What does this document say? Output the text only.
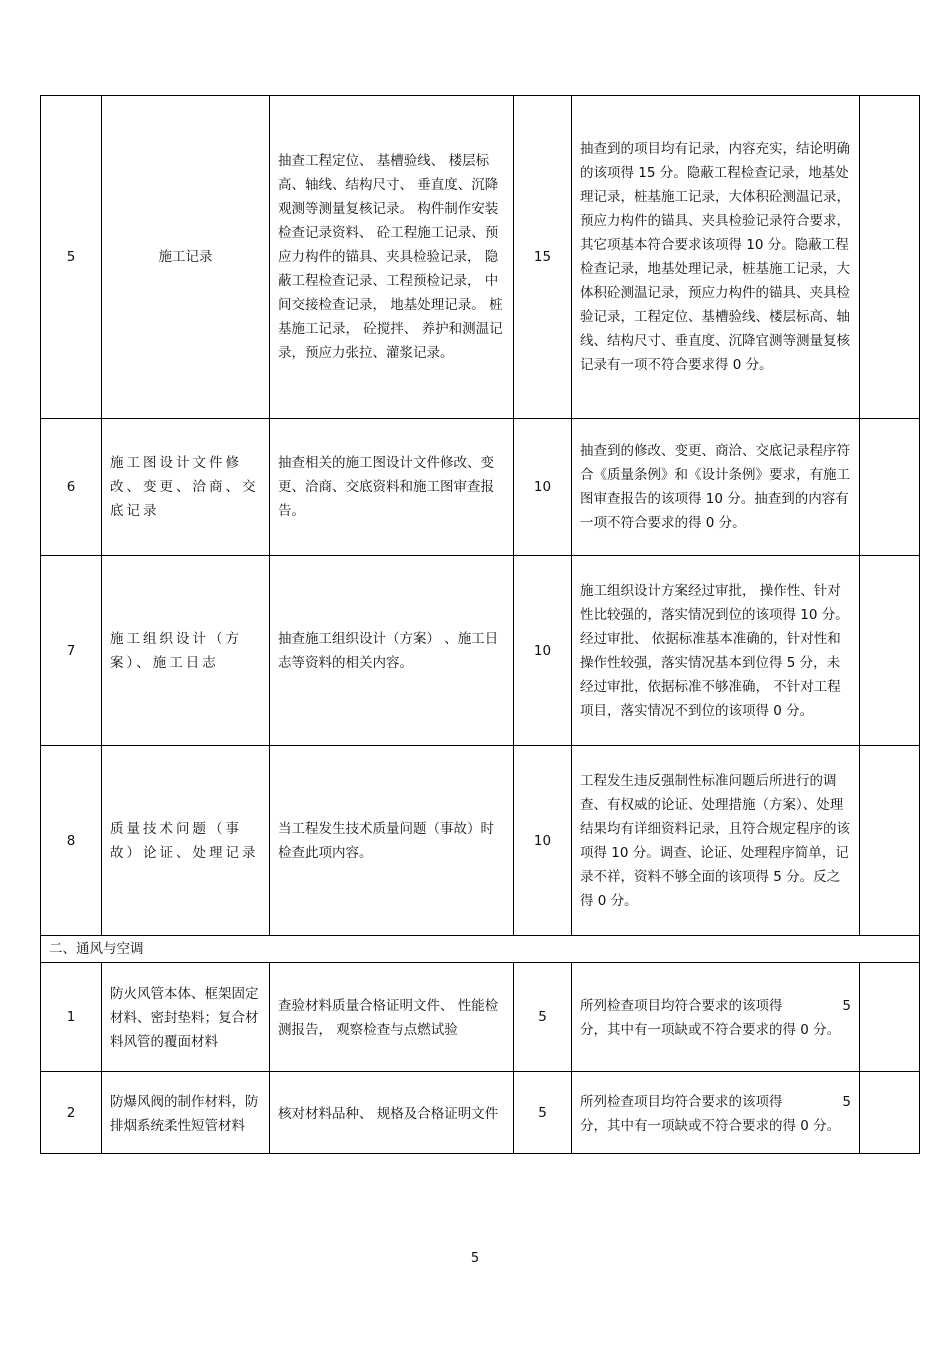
5	施工记录	抽查工程定位、 基槽验线、 楼层标高、轴线、结构尺寸、 垂直度、沉降观测等测量复核记录。 构件制作安装检查记录资料、 砼工程施工记录、预应力构件的锚具、夹具检验记录， 隐蔽工程检查记录、工程预检记录， 中间交接检查记录， 地基处理记录。 桩基施工记录， 砼搅拌、 养护和测温记录，预应力张拉、灌浆记录。	15	抽查到的项目均有记录，内容充实，结论明确的该项得 15 分。隐蔽工程检查记录，地基处理记录，桩基施工记录，大体积砼测温记录，预应力构件的锚具、夹具检验记录符合要求，其它项基本符合要求该项得 10 分。隐蔽工程检查记录，地基处理记录，桩基施工记录，大体积砼测温记录，预应力构件的锚具、夹具检验记录，工程定位、基槽验线、楼层标高、轴线、结构尺寸、垂直度、沉降官测等测量复核记录有一项不符合要求得 0 分。	
6	施工图设计文件修改、变更、洽商、交底记录	抽查相关的施工图设计文件修改、变更、洽商、交底资料和施工图审查报告。	10	抽查到的修改、变更、商洽、交底记录程序符合《质量条例》和《设计条例》要求，有施工图审查报告的该项得 10 分。抽查到的内容有一项不符合要求的得 0 分。	
7	施工组织设计（方案）、施工日志	抽查施工组织设计（方案） 、施工日志等资料的相关内容。	10	施工组织设计方案经过审批， 操作性、针对性比较强的，落实情况到位的该项得 10 分。经过审批、 依据标准基本准确的，针对性和操作性较强，落实情况基本到位得 5 分，未经过审批，依据标准不够准确， 不针对工程项目，落实情况不到位的该项得 0 分。	
8	质量技术问题（事故）论证、处理记录	当工程发生技术质量问题（事故）时检查此项内容。	10	工程发生违反强制性标准问题后所进行的调查、有权威的论证、处理措施（方案）、处理结果均有详细资料记录，且符合规定程序的该项得 10 分。调查、论证、处理程序简单，记录不祥，资料不够全面的该项得 5 分。反之得 0 分。	
二、通风与空调					
1	防火风管本体、框架固定材料、密封垫料；复合材料风管的覆面材料	查验材料质量合格证明文件、 性能检测报告， 观察检查与点燃试验	5	所列检查项目均符合要求的该项得 5
分，其中有一项缺或不符合要求的得 0 分。	

2	防爆风阀的制作材料，防排烟系统柔性短管材料	核对材料品种、 规格及合格证明文件	5	所列检查项目均符合要求的该项得 5
分，其中有一项缺或不符合要求的得 0 分。	

5
